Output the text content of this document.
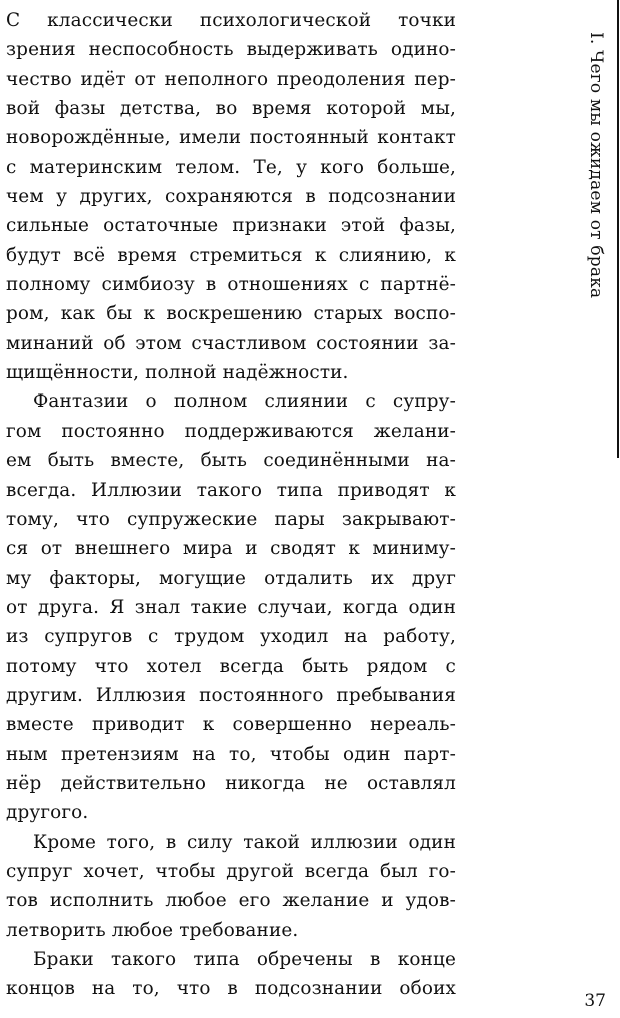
С классически психологической точки
зрения неспособность выдерживать одино-
чество идёт от неполного преодоления пер-
вой фазы детства, во время которой мы,
новорождённые, имели постоянный контакт
с материнским телом. Те, у кого больше,
чем у других, сохраняются в подсознании
сильные остаточные признаки этой фазы,
будут всё время стремиться к слиянию, к
полному симбиозу в отношениях с партнё-
ром, как бы к воскрешению старых воспо-
минаний об этом счастливом состоянии за-
щищённости, полной надёжности.
Фантазии о полном слиянии с супру-
гом постоянно поддерживаются желани-
ем быть вместе, быть соединёнными на-
всегда. Иллюзии такого типа приводят к
тому, что супружеские пары закрывают-
ся от внешнего мира и сводят к миниму-
му факторы, могущие отдалить их друг
от друга. Я знал такие случаи, когда один
из супругов с трудом уходил на работу,
потому что хотел всегда быть рядом с
другим. Иллюзия постоянного пребывания
вместе приводит к совершенно нереаль-
ным претензиям на то, чтобы один парт-
нёр действительно никогда не оставлял
другого.
Кроме того, в силу такой иллюзии один
супруг хочет, чтобы другой всегда был го-
тов исполнить любое его желание и удов-
летворить любое требование.
Браки такого типа обречены в конце
концов на то, что в подсознании обоих
I. Чего мы ожидаем от брака
37
